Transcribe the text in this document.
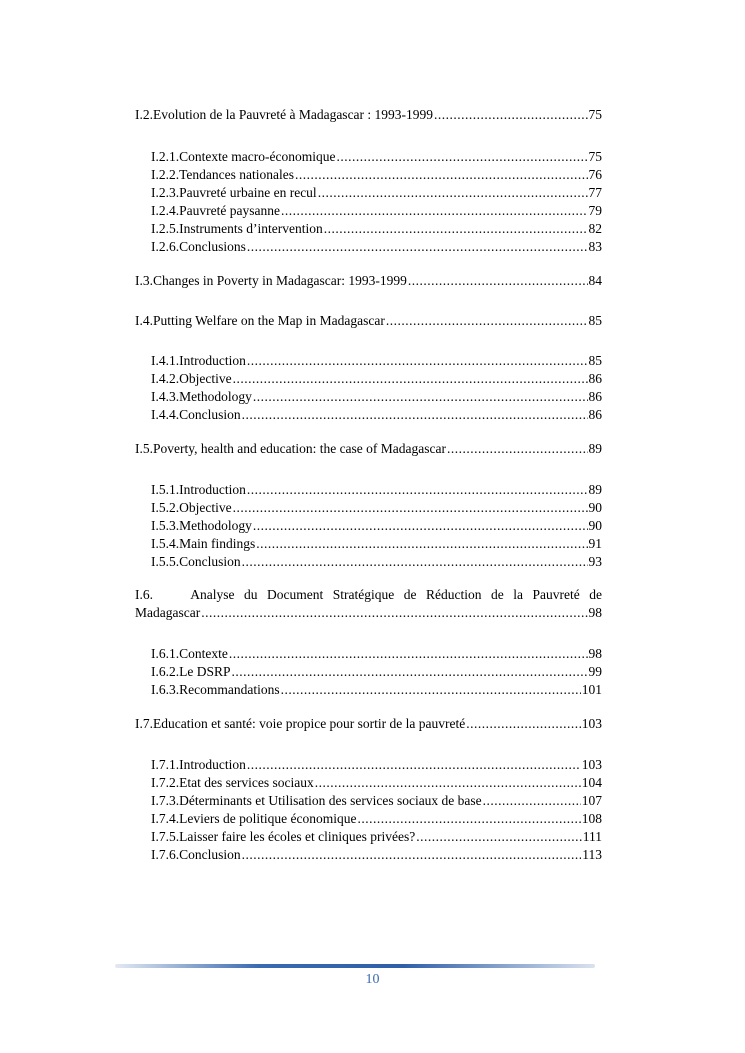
I.2. Evolution de la Pauvreté à Madagascar : 1993-1999 .....	75
I.2.1. Contexte macro-économique .....	75
I.2.2. Tendances nationales .....	76
I.2.3. Pauvreté urbaine en recul .....	77
I.2.4. Pauvreté paysanne .....	79
I.2.5. Instruments d’intervention .....	82
I.2.6. Conclusions .....	83
I.3. Changes in Poverty in Madagascar: 1993-1999 .....	84
I.4. Putting Welfare on the Map in Madagascar .....	85
I.4.1. Introduction .....	85
I.4.2. Objective .....	86
I.4.3. Methodology .....	86
I.4.4. Conclusion .....	86
I.5. Poverty, health and education: the case of Madagascar .....	89
I.5.1. Introduction .....	89
I.5.2. Objective .....	90
I.5.3. Methodology .....	90
I.5.4. Main findings .....	91
I.5.5. Conclusion .....	93
I.6.	Analyse du Document Stratégique de Réduction de la Pauvreté de
Madagascar .....	98
I.6.1. Contexte .....	98
I.6.2. Le DSRP .....	99
I.6.3. Recommandations .....	101
I.7. Education et santé: voie propice pour sortir de la pauvreté .....	103
I.7.1. Introduction .....	103
I.7.2. Etat des services sociaux .....	104
I.7.3. Déterminants et Utilisation des services sociaux de base .....	107
I.7.4. Leviers de politique économique .....	108
I.7.5. Laisser faire les écoles et cliniques privées? .....	111
I.7.6. Conclusion .....	113
10
